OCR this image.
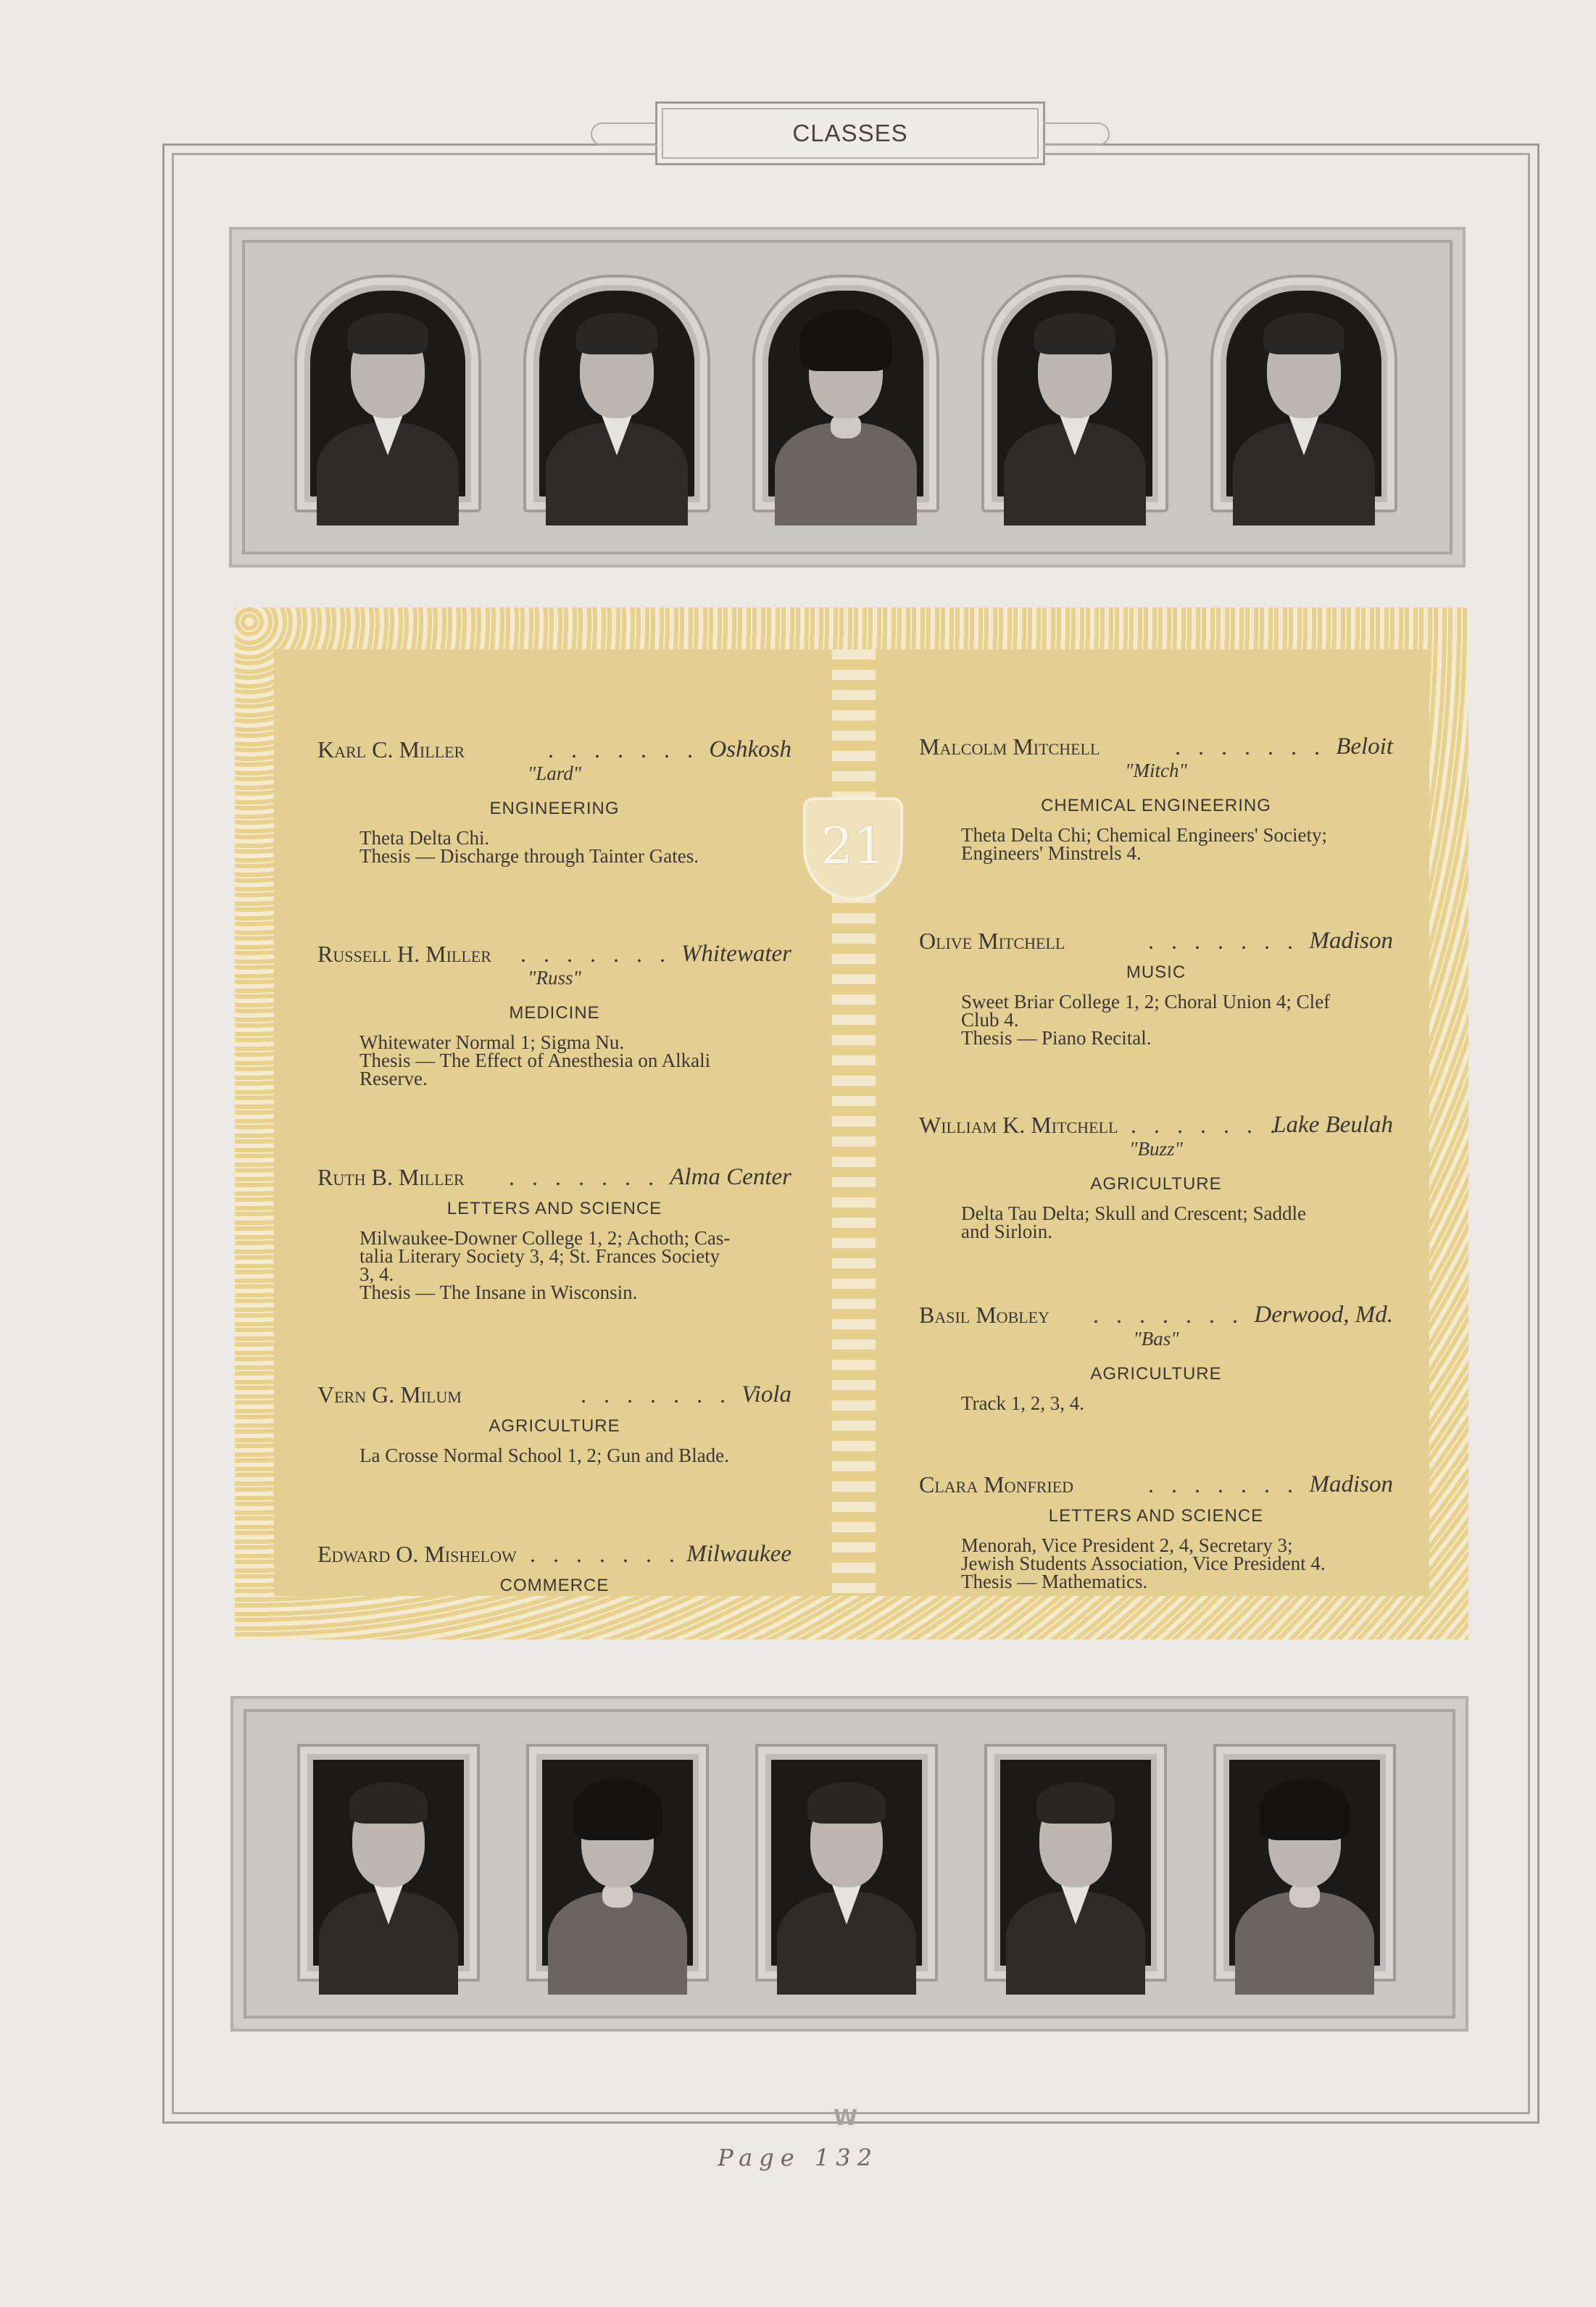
CLASSES
Karl C. Miller	Oshkosh
. . . . . . .
"Lard"
ENGINEERING
Theta Delta Chi.
Thesis — Discharge through Tainter Gates.
Russell H. Miller	Whitewater
. . . . . . .
"Russ"
MEDICINE
Whitewater Normal 1; Sigma Nu.
Thesis — The Effect of Anesthesia on Alkali
Reserve.
Ruth B. Miller	Alma Center
. . . . . . .
LETTERS AND SCIENCE
Milwaukee-Downer College 1, 2; Achoth; Cas-
talia Literary Society 3, 4; St. Frances Society
3, 4.
Thesis — The Insane in Wisconsin.
Vern G. Milum	Viola
. . . . . . .
AGRICULTURE
La Crosse Normal School 1, 2; Gun and Blade.
Edward O. Mishelow	Milwaukee
. . . . . . .
COMMERCE
Malcolm Mitchell	Beloit
. . . . . . .
"Mitch"
CHEMICAL ENGINEERING
Theta Delta Chi; Chemical Engineers' Society;
Engineers' Minstrels 4.
Olive Mitchell	Madison
. . . . . . .
MUSIC
Sweet Briar College 1, 2; Choral Union 4; Clef
Club 4.
Thesis — Piano Recital.
William K. Mitchell	Lake Beulah
. . . . . . .
"Buzz"
AGRICULTURE
Delta Tau Delta; Skull and Crescent; Saddle
and Sirloin.
Basil Mobley	Derwood, Md.
. . . . . . .
"Bas"
AGRICULTURE
Track 1, 2, 3, 4.
Clara Monfried	Madison
. . . . . . .
LETTERS AND SCIENCE
Menorah, Vice President 2, 4, Secretary 3;
Jewish Students Association, Vice President 4.
Thesis — Mathematics.
21
W
Page 132
